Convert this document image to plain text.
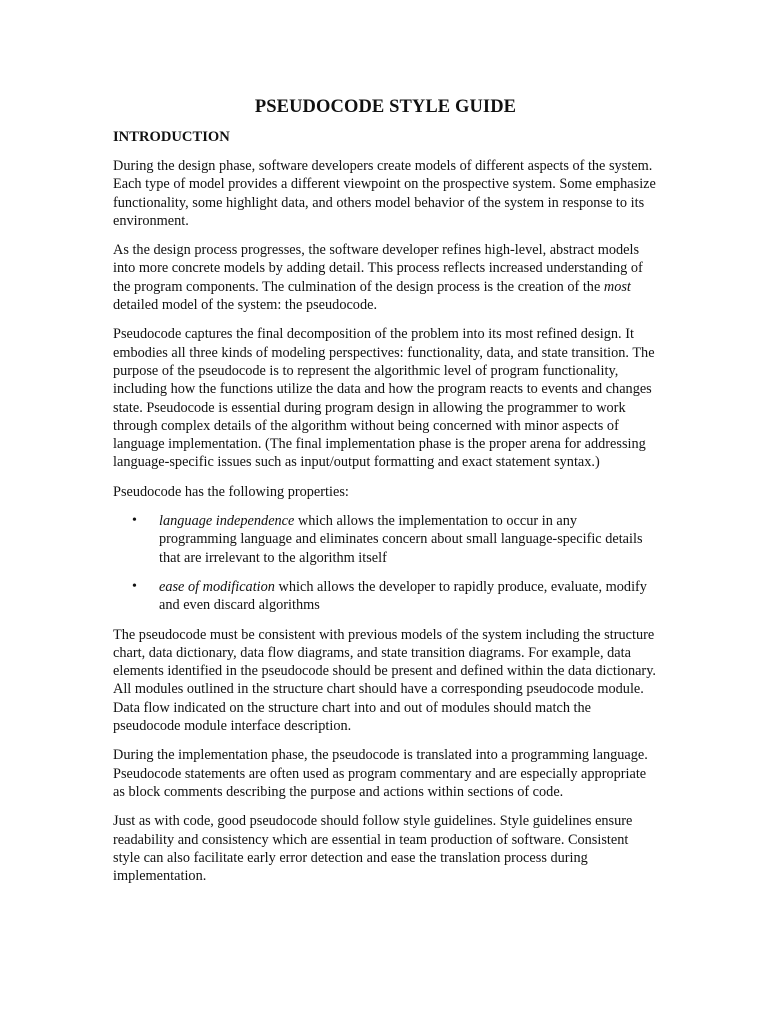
PSEUDOCODE STYLE GUIDE
INTRODUCTION

During the design phase, software developers create models of different aspects of the system. Each type of model provides a different viewpoint on the prospective system. Some emphasize functionality, some highlight data, and others model behavior of the system in response to its environment.

As the design process progresses, the software developer refines high-level, abstract models into more concrete models by adding detail. This process reflects increased understanding of the program components. The culmination of the design process is the creation of the most detailed model of the system: the pseudocode.

Pseudocode captures the final decomposition of the problem into its most refined design. It embodies all three kinds of modeling perspectives: functionality, data, and state transition. The purpose of the pseudocode is to represent the algorithmic level of program functionality, including how the functions utilize the data and how the program reacts to events and changes state. Pseudocode is essential during program design in allowing the programmer to work through complex details of the algorithm without being concerned with minor aspects of language implementation. (The final implementation phase is the proper arena for addressing language-specific issues such as input/output formatting and exact statement syntax.)

Pseudocode has the following properties:

• language independence which allows the implementation to occur in any programming language and eliminates concern about small language-specific details that are irrelevant to the algorithm itself
• ease of modification which allows the developer to rapidly produce, evaluate, modify and even discard algorithms

The pseudocode must be consistent with previous models of the system including the structure chart, data dictionary, data flow diagrams, and state transition diagrams. For example, data elements identified in the pseudocode should be present and defined within the data dictionary. All modules outlined in the structure chart should have a corresponding pseudocode module. Data flow indicated on the structure chart into and out of modules should match the pseudocode module interface description.

During the implementation phase, the pseudocode is translated into a programming language. Pseudocode statements are often used as program commentary and are especially appropriate as block comments describing the purpose and actions within sections of code.

Just as with code, good pseudocode should follow style guidelines. Style guidelines ensure readability and consistency which are essential in team production of software. Consistent style can also facilitate early error detection and ease the translation process during implementation.
